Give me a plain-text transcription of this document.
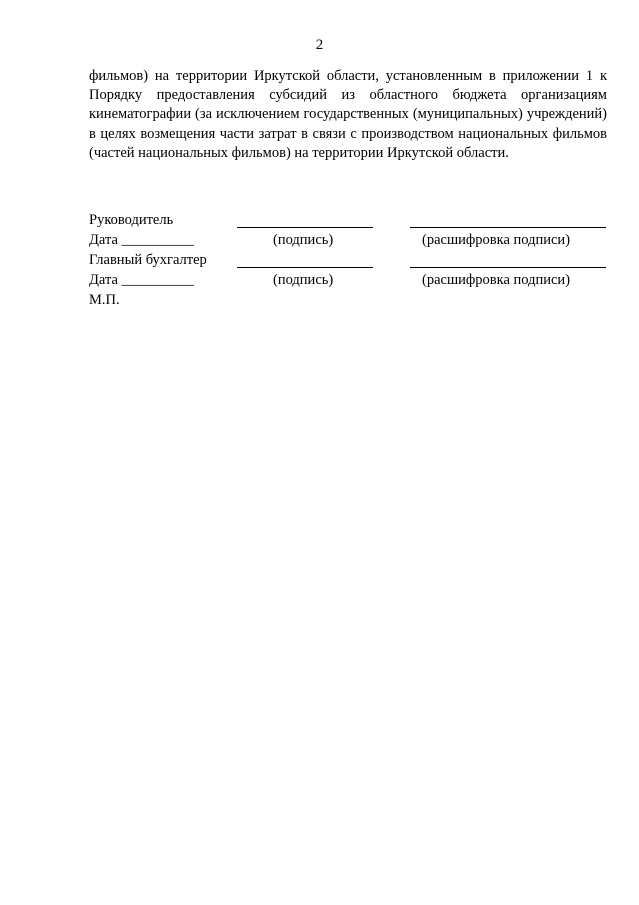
2

фильмов) на территории Иркутской области, установленным в приложении 1 к Порядку предоставления субсидий из областного бюджета организациям кинематографии (за исключением государственных (муниципальных) учреждений) в целях возмещения части затрат в связи с производством национальных фильмов (частей национальных фильмов) на территории Иркутской области.

Руководитель
Дата __________	(подпись)	(расшифровка подписи)
Главный бухгалтер
Дата __________	(подпись)	(расшифровка подписи)
М.П.
